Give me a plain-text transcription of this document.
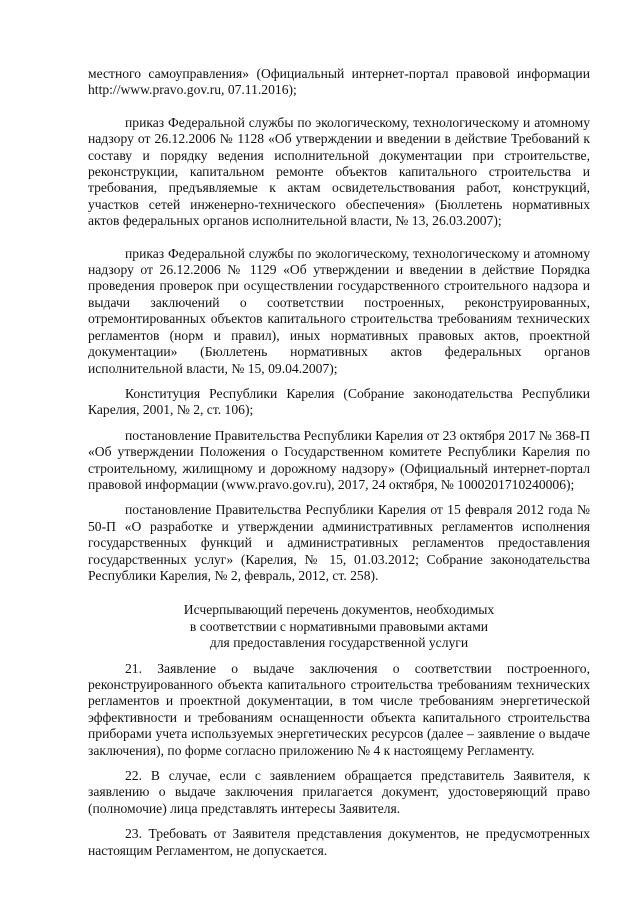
местного самоуправления» (Официальный интернет-портал правовой информации http://www.pravo.gov.ru, 07.11.2016);

приказ Федеральной службы по экологическому, технологическому и атомному надзору от 26.12.2006 № 1128 «Об утверждении и введении в действие Требований к составу и порядку ведения исполнительной документации при строительстве, реконструкции, капитальном ремонте объектов капитального строительства и требования, предъявляемые к актам освидетельствования работ, конструкций, участков сетей инженерно-технического обеспечения» (Бюллетень нормативных актов федеральных органов исполнительной власти, № 13, 26.03.2007);

приказ Федеральной службы по экологическому, технологическому и атомному надзору от 26.12.2006 № 1129 «Об утверждении и введении в действие Порядка проведения проверок при осуществлении государственного строительного надзора и выдачи заключений о соответствии построенных, реконструированных, отремонтированных объектов капитального строительства требованиям технических регламентов (норм и правил), иных нормативных правовых актов, проектной документации» (Бюллетень нормативных актов федеральных органов исполнительной власти, № 15, 09.04.2007);

Конституция Республики Карелия (Собрание законодательства Республики Карелия, 2001, № 2, ст. 106);

постановление Правительства Республики Карелия от 23 октября 2017 № 368-П «Об утверждении Положения о Государственном комитете Республики Карелия по строительному, жилищному и дорожному надзору» (Официальный интернет-портал правовой информации (www.pravo.gov.ru), 2017, 24 октября, № 1000201710240006);

постановление Правительства Республики Карелия от 15 февраля 2012 года № 50-П «О разработке и утверждении административных регламентов исполнения государственных функций и административных регламентов предоставления государственных услуг» (Карелия, № 15, 01.03.2012; Собрание законодательства Республики Карелия, № 2, февраль, 2012, ст. 258).

Исчерпывающий перечень документов, необходимых
в соответствии с нормативными правовыми актами
для предоставления государственной услуги

21. Заявление о выдаче заключения о соответствии построенного, реконструированного объекта капитального строительства требованиям технических регламентов и проектной документации, в том числе требованиям энергетической эффективности и требованиям оснащенности объекта капитального строительства приборами учета используемых энергетических ресурсов (далее – заявление о выдаче заключения), по форме согласно приложению № 4 к настоящему Регламенту.

22. В случае, если с заявлением обращается представитель Заявителя, к заявлению о выдаче заключения прилагается документ, удостоверяющий право (полномочие) лица представлять интересы Заявителя.

23. Требовать от Заявителя представления документов, не предусмотренных настоящим Регламентом, не допускается.
